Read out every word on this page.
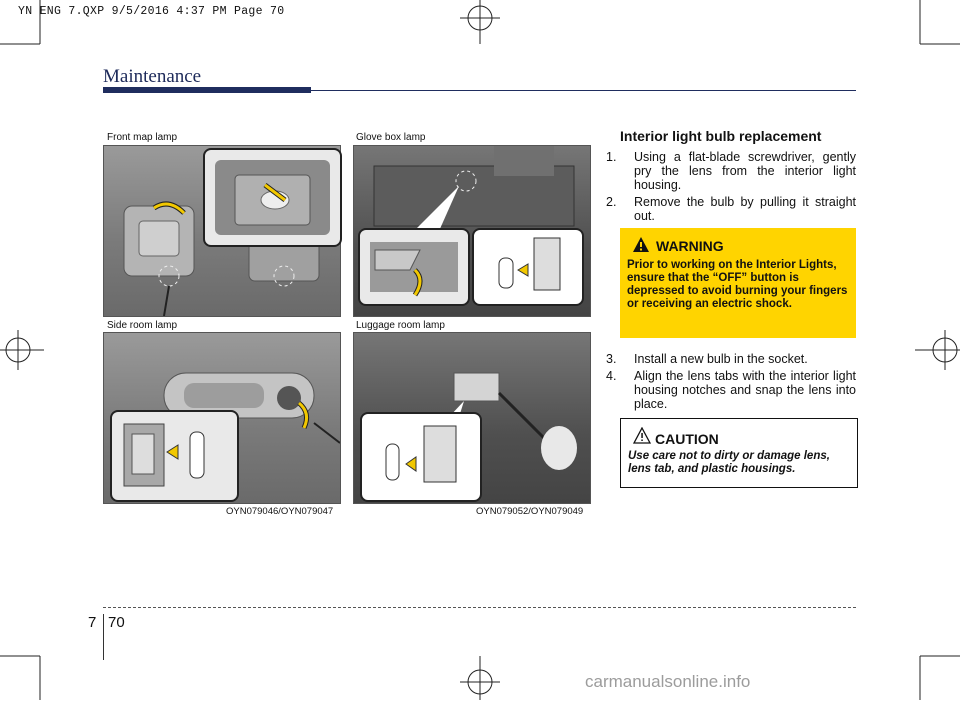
YN ENG 7.QXP 9/5/2016 4:37 PM Page 70
Maintenance
Front map lamp	Glove box lamp
Side room lamp	Luggage room lamp
OYN079046/OYN079047	OYN079052/OYN079049
Interior light bulb replacement
1. Using a flat-blade screwdriver, gently pry the lens from the interior light housing.
2. Remove the bulb by pulling it straight out.
WARNING
Prior to working on the Interior Lights, ensure that the “OFF” button is depressed to avoid burning your fingers or receiving an electric shock.
3. Install a new bulb in the socket.
4. Align the lens tabs with the interior light housing notches and snap the lens into place.
CAUTION
Use care not to dirty or damage lens, lens tab, and plastic housings.
7 70
carmanualsonline.info
